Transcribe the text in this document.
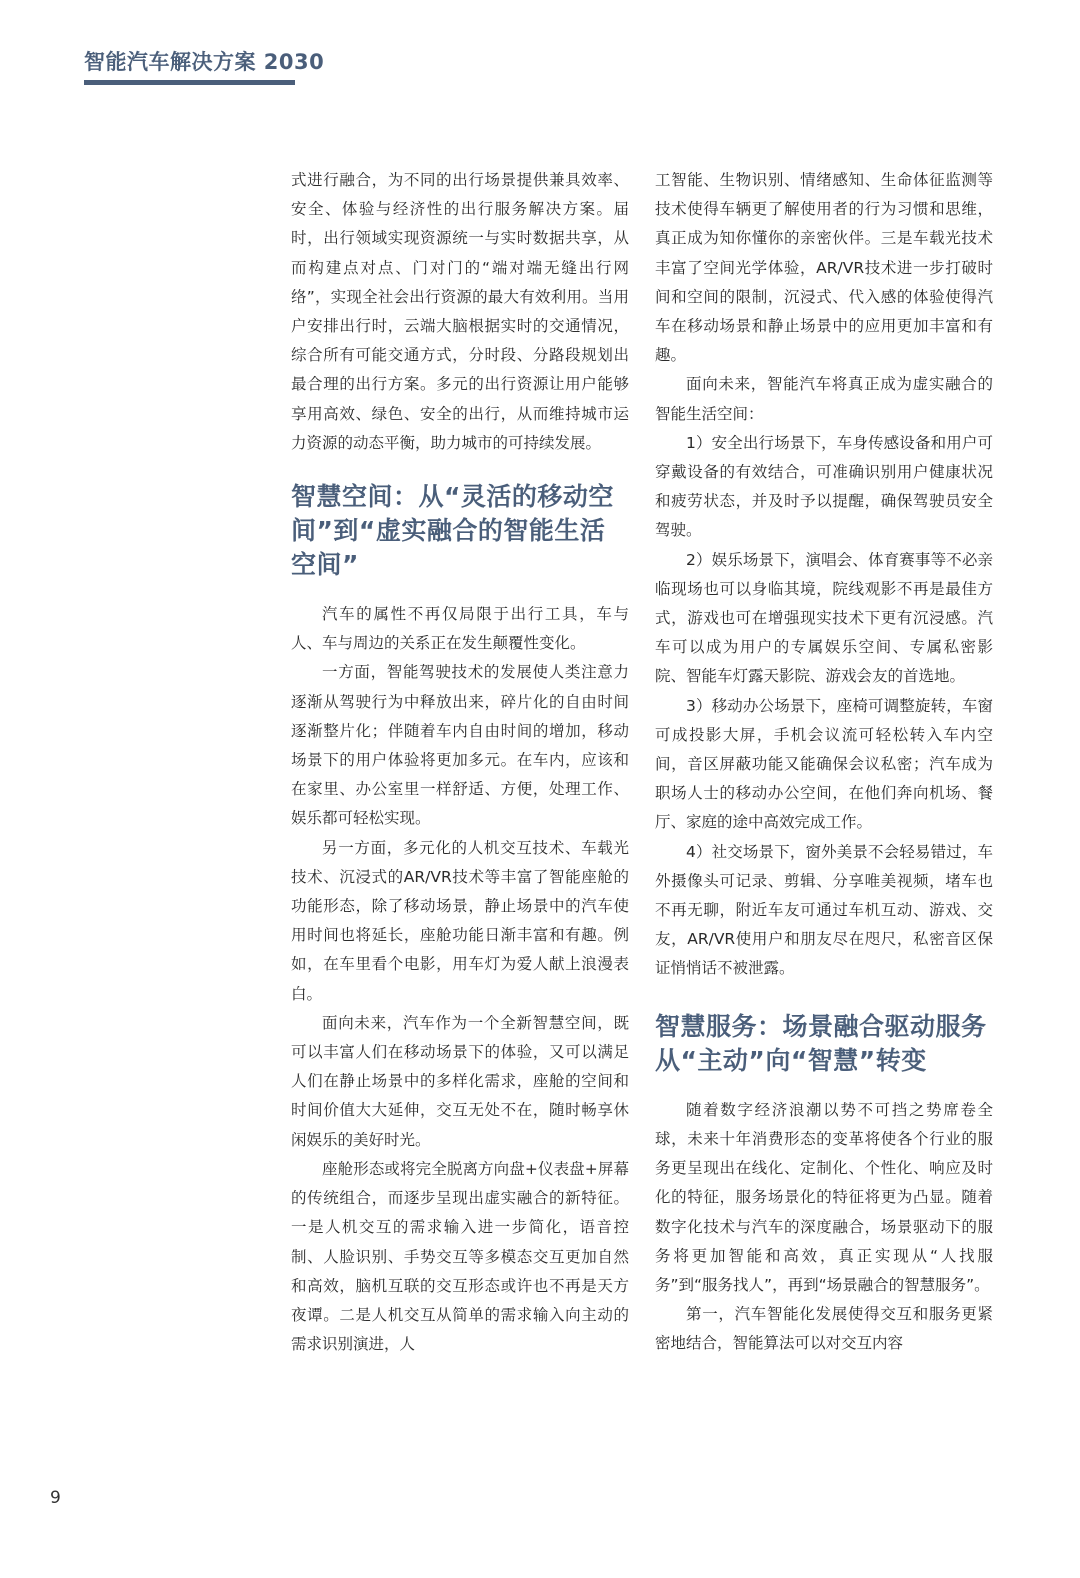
智能汽车解决方案 2030

式进行融合，为不同的出行场景提供兼具效率、安全、体验与经济性的出行服务解决方案。届时，出行领域实现资源统一与实时数据共享，从而构建点对点、门对门的“端对端无缝出行网络”，实现全社会出行资源的最大有效利用。当用户安排出行时，云端大脑根据实时的交通情况，综合所有可能交通方式，分时段、分路段规划出最合理的出行方案。多元的出行资源让用户能够享用高效、绿色、安全的出行，从而维持城市运力资源的动态平衡，助力城市的可持续发展。

智慧空间：从“灵活的移动空间”到“虚实融合的智能生活空间”

汽车的属性不再仅局限于出行工具，车与人、车与周边的关系正在发生颠覆性变化。

一方面，智能驾驶技术的发展使人类注意力逐渐从驾驶行为中释放出来，碎片化的自由时间逐渐整片化；伴随着车内自由时间的增加，移动场景下的用户体验将更加多元。在车内，应该和在家里、办公室里一样舒适、方便，处理工作、娱乐都可轻松实现。

另一方面，多元化的人机交互技术、车载光技术、沉浸式的AR/VR技术等丰富了智能座舱的功能形态，除了移动场景，静止场景中的汽车使用时间也将延长，座舱功能日渐丰富和有趣。例如，在车里看个电影，用车灯为爱人献上浪漫表白。

面向未来，汽车作为一个全新智慧空间，既可以丰富人们在移动场景下的体验，又可以满足人们在静止场景中的多样化需求，座舱的空间和时间价值大大延伸，交互无处不在，随时畅享休闲娱乐的美好时光。

座舱形态或将完全脱离方向盘+仪表盘+屏幕的传统组合，而逐步呈现出虚实融合的新特征。一是人机交互的需求输入进一步简化，语音控制、人脸识别、手势交互等多模态交互更加自然和高效，脑机互联的交互形态或许也不再是天方夜谭。二是人机交互从简单的需求输入向主动的需求识别演进，人

工智能、生物识别、情绪感知、生命体征监测等技术使得车辆更了解使用者的行为习惯和思维，真正成为知你懂你的亲密伙伴。三是车载光技术丰富了空间光学体验，AR/VR技术进一步打破时间和空间的限制，沉浸式、代入感的体验使得汽车在移动场景和静止场景中的应用更加丰富和有趣。

面向未来，智能汽车将真正成为虚实融合的智能生活空间：

1）安全出行场景下，车身传感设备和用户可穿戴设备的有效结合，可准确识别用户健康状况和疲劳状态，并及时予以提醒，确保驾驶员安全驾驶。

2）娱乐场景下，演唱会、体育赛事等不必亲临现场也可以身临其境，院线观影不再是最佳方式，游戏也可在增强现实技术下更有沉浸感。汽车可以成为用户的专属娱乐空间、专属私密影院、智能车灯露天影院、游戏会友的首选地。

3）移动办公场景下，座椅可调整旋转，车窗可成投影大屏，手机会议流可轻松转入车内空间，音区屏蔽功能又能确保会议私密；汽车成为职场人士的移动办公空间，在他们奔向机场、餐厅、家庭的途中高效完成工作。

4）社交场景下，窗外美景不会轻易错过，车外摄像头可记录、剪辑、分享唯美视频，堵车也不再无聊，附近车友可通过车机互动、游戏、交友，AR/VR使用户和朋友尽在咫尺，私密音区保证悄悄话不被泄露。

智慧服务：场景融合驱动服务从“主动”向“智慧”转变

随着数字经济浪潮以势不可挡之势席卷全球，未来十年消费形态的变革将使各个行业的服务更呈现出在线化、定制化、个性化、响应及时化的特征，服务场景化的特征将更为凸显。随着数字化技术与汽车的深度融合，场景驱动下的服务将更加智能和高效，真正实现从“人找服务”到“服务找人”，再到“场景融合的智慧服务”。

第一，汽车智能化发展使得交互和服务更紧密地结合，智能算法可以对交互内容

9
